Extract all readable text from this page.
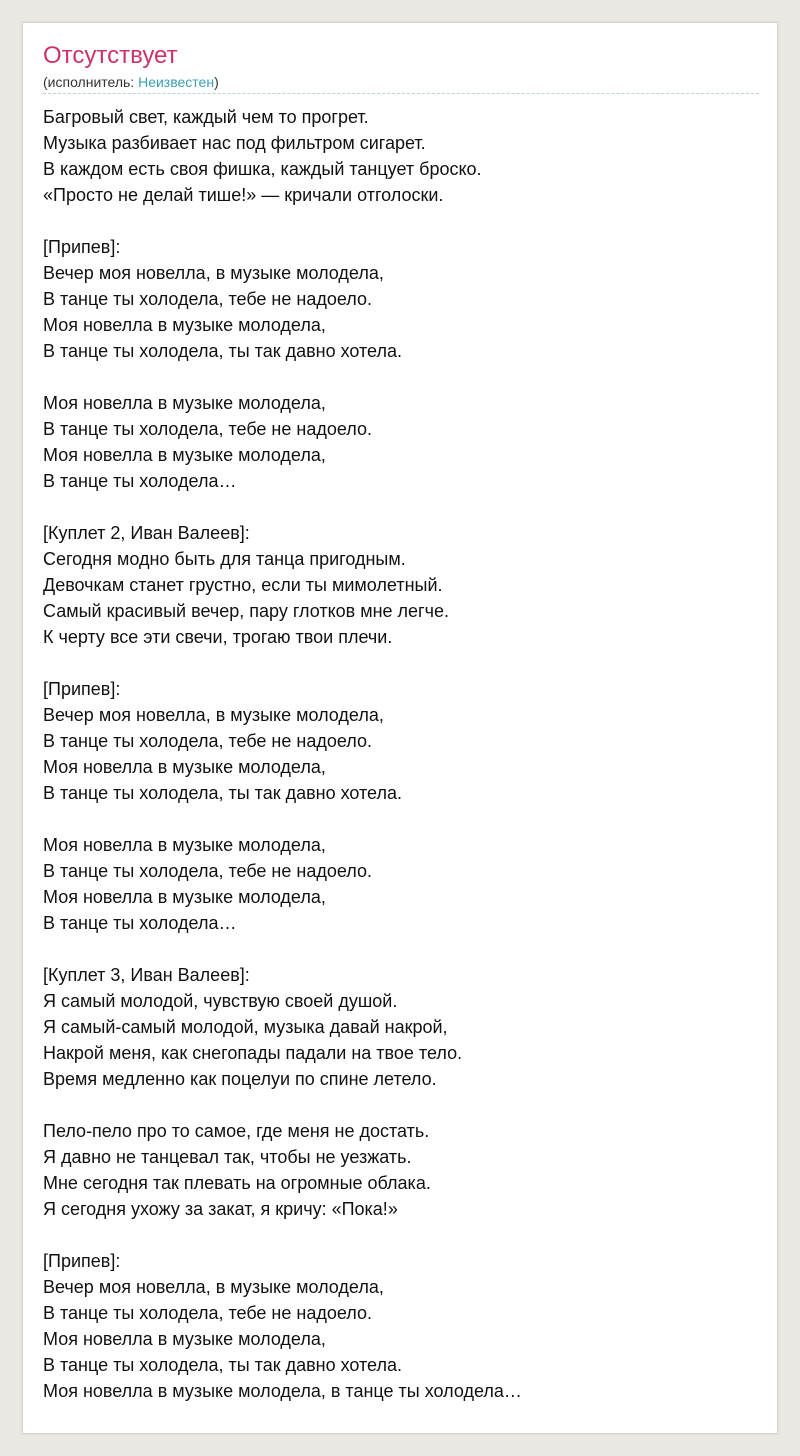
Отсутствует
(исполнитель: Неизвестен)
Багровый свет, каждый чем то прогрет.
Музыка разбивает нас под фильтром сигарет.
В каждом есть своя фишка, каждый танцует броско.
«Просто не делай тише!» — кричали отголоски.
[Припев]:
Вечер моя новелла, в музыке молодела,
В танце ты холодела, тебе не надоело.
Моя новелла в музыке молодела,
В танце ты холодела, ты так давно хотела.
Моя новелла в музыке молодела,
В танце ты холодела, тебе не надоело.
Моя новелла в музыке молодела,
В танце ты холодела…
[Куплет 2, Иван Валеев]:
Сегодня модно быть для танца пригодным.
Девочкам станет грустно, если ты мимолетный.
Самый красивый вечер, пару глотков мне легче.
К черту все эти свечи, трогаю твои плечи.
[Припев]:
Вечер моя новелла, в музыке молодела,
В танце ты холодела, тебе не надоело.
Моя новелла в музыке молодела,
В танце ты холодела, ты так давно хотела.
Моя новелла в музыке молодела,
В танце ты холодела, тебе не надоело.
Моя новелла в музыке молодела,
В танце ты холодела…
[Куплет 3, Иван Валеев]:
Я самый молодой, чувствую своей душой.
Я самый-самый молодой, музыка давай накрой,
Накрой меня, как снегопады падали на твое тело.
Время медленно как поцелуи по спине летело.
Пело-пело про то самое, где меня не достать.
Я давно не танцевал так, чтобы не уезжать.
Мне сегодня так плевать на огромные облака.
Я сегодня ухожу за закат, я кричу: «Пока!»
[Припев]:
Вечер моя новелла, в музыке молодела,
В танце ты холодела, тебе не надоело.
Моя новелла в музыке молодела,
В танце ты холодела, ты так давно хотела.
Моя новелла в музыке молодела, в танце ты холодела…
